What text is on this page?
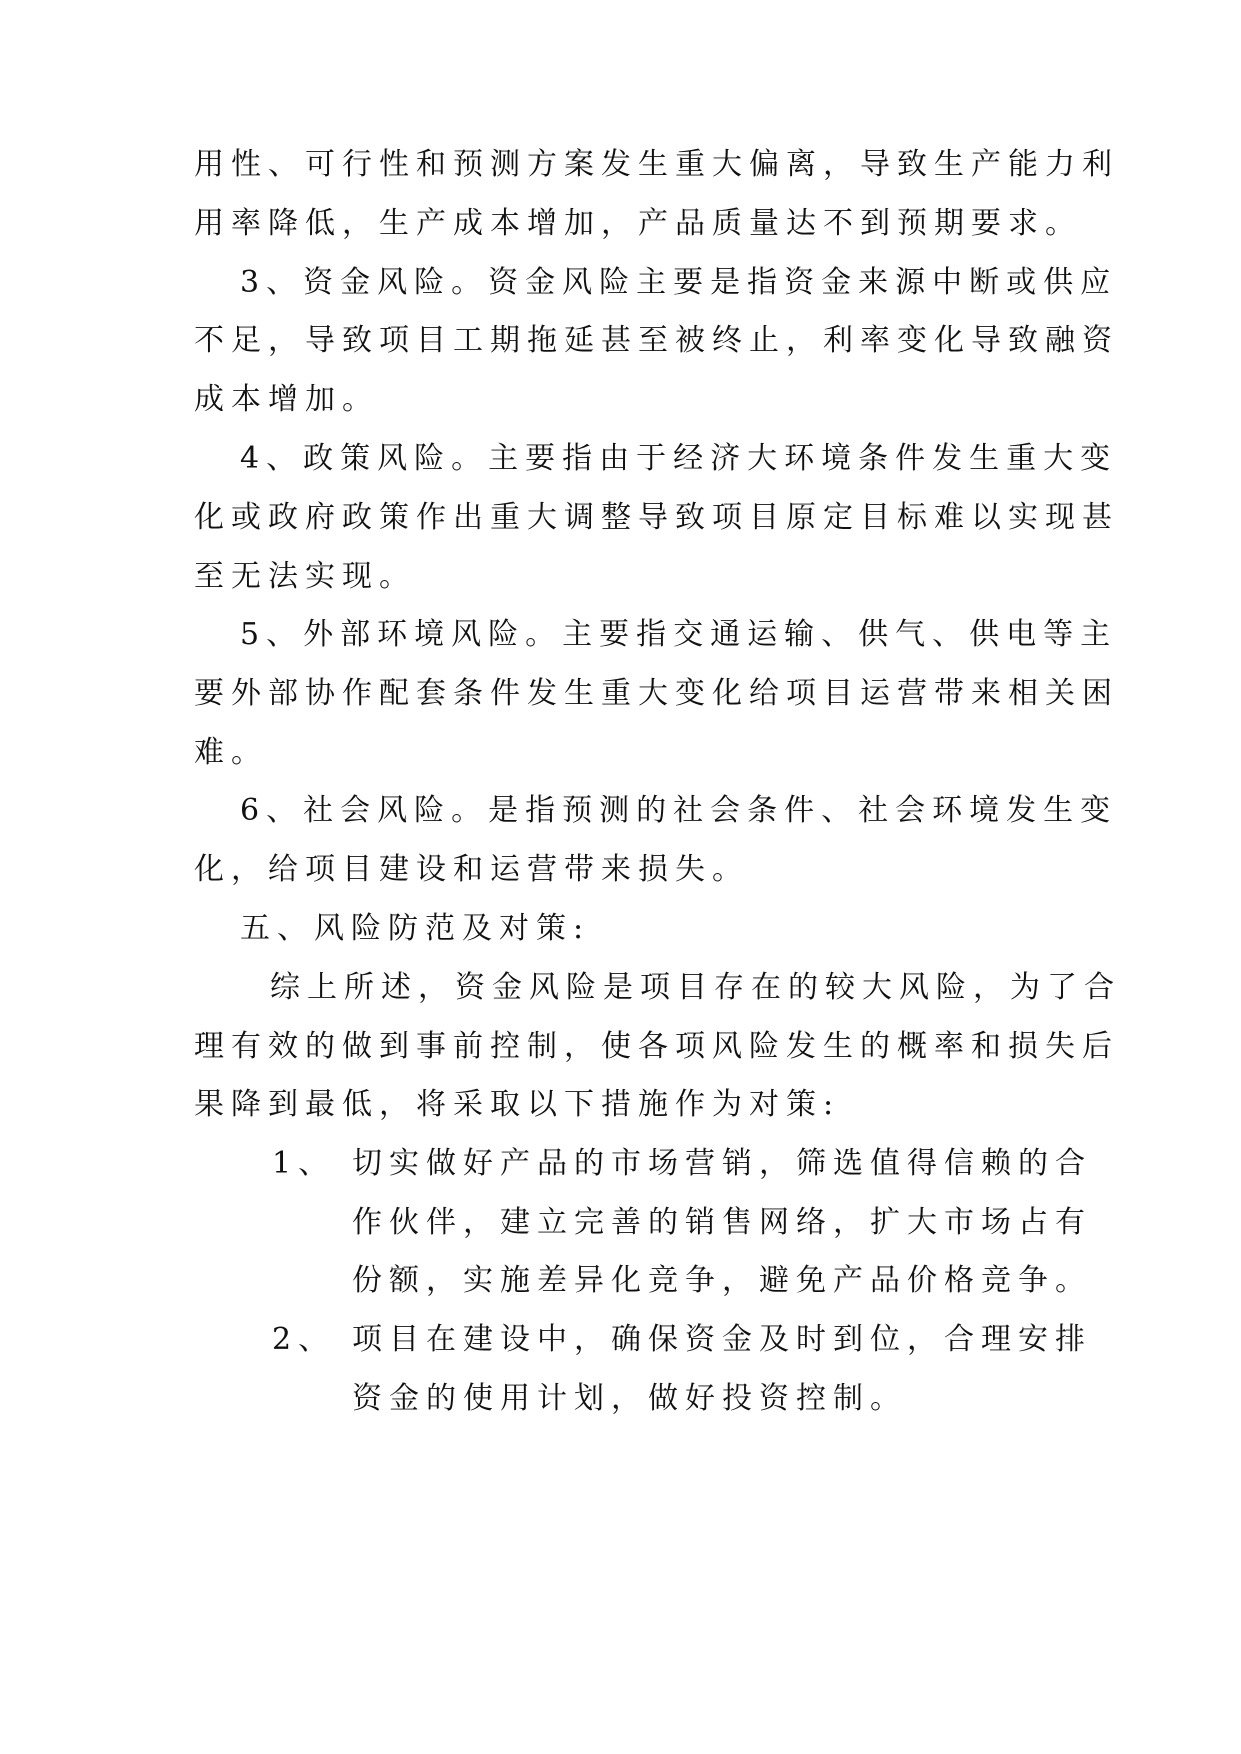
用性、可行性和预测方案发生重大偏离，导致生产能力利
用率降低，生产成本增加，产品质量达不到预期要求。
3、资金风险。资金风险主要是指资金来源中断或供应
不足，导致项目工期拖延甚至被终止，利率变化导致融资
成本增加。
4、政策风险。主要指由于经济大环境条件发生重大变
化或政府政策作出重大调整导致项目原定目标难以实现甚
至无法实现。
5、外部环境风险。主要指交通运输、供气、供电等主
要外部协作配套条件发生重大变化给项目运营带来相关困
难。
6、社会风险。是指预测的社会条件、社会环境发生变
化，给项目建设和运营带来损失。
五、风险防范及对策:
综上所述，资金风险是项目存在的较大风险，为了合
理有效的做到事前控制，使各项风险发生的概率和损失后
果降到最低，将采取以下措施作为对策:
1、 切实做好产品的市场营销，筛选值得信赖的合
作伙伴，建立完善的销售网络，扩大市场占有
份额，实施差异化竞争，避免产品价格竞争。
2、 项目在建设中，确保资金及时到位，合理安排
资金的使用计划，做好投资控制。
